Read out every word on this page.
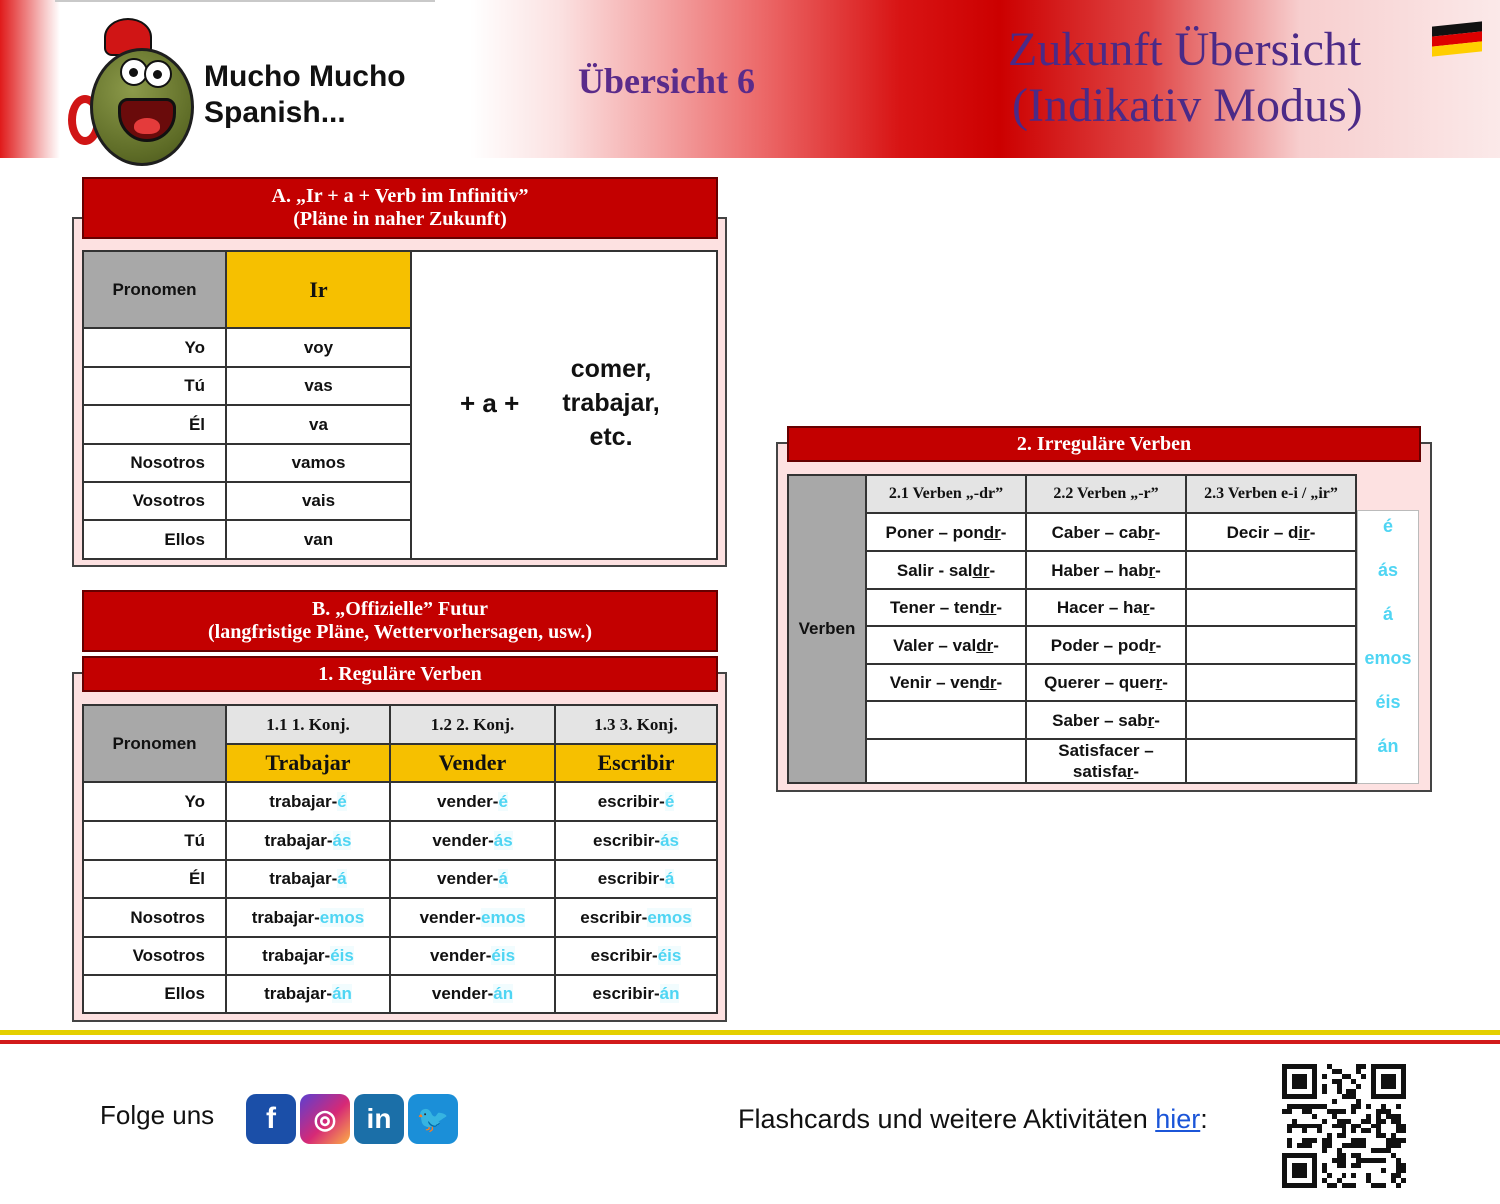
Mucho Mucho
Spanish...
Übersicht 6
Zukunft Übersicht
(Indikativ Modus)
A. „Ir + a + Verb im Infinitiv”
(Pläne in naher Zukunft)
Pronomen	Ir
Yo	voy
Tú	vas
Él	va
Nosotros	vamos
Vosotros	vais
Ellos	van
+ a +
comer,
trabajar,
etc.
B. „Offizielle” Futur
(langfristige Pläne, Wettervorhersagen, usw.)
1. Reguläre Verben
Pronomen	1.1 1. Konj.	1.2 2. Konj.	1.3 3. Konj.
	Trabajar	Vender	Escribir
Yo	trabajar-é	vender-é	escribir-é
Tú	trabajar-ás	vender-ás	escribir-ás
Él	trabajar-á	vender-á	escribir-á
Nosotros	trabajar-emos	vender-emos	escribir-emos
Vosotros	trabajar-éis	vender-éis	escribir-éis
Ellos	trabajar-án	vender-án	escribir-án
2. Irreguläre Verben
Verben	2.1 Verben „-dr”	2.2 Verben „-r”	2.3 Verben e-i / „ir”
	Poner – pondr-	Caber – cabr-	Decir – dir-
	Salir - saldr-	Haber – habr-	
	Tener – tendr-	Hacer – har-	
	Valer – valdr-	Poder – podr-	
	Venir – vendr-	Querer – querr-	
		Saber – sabr-	
		Satisfacer – satisfar-	
é
ás
á
emos
éis
án
Folge uns	f	◎	in 🐦	Flashcards und weitere Aktivitäten hier:
